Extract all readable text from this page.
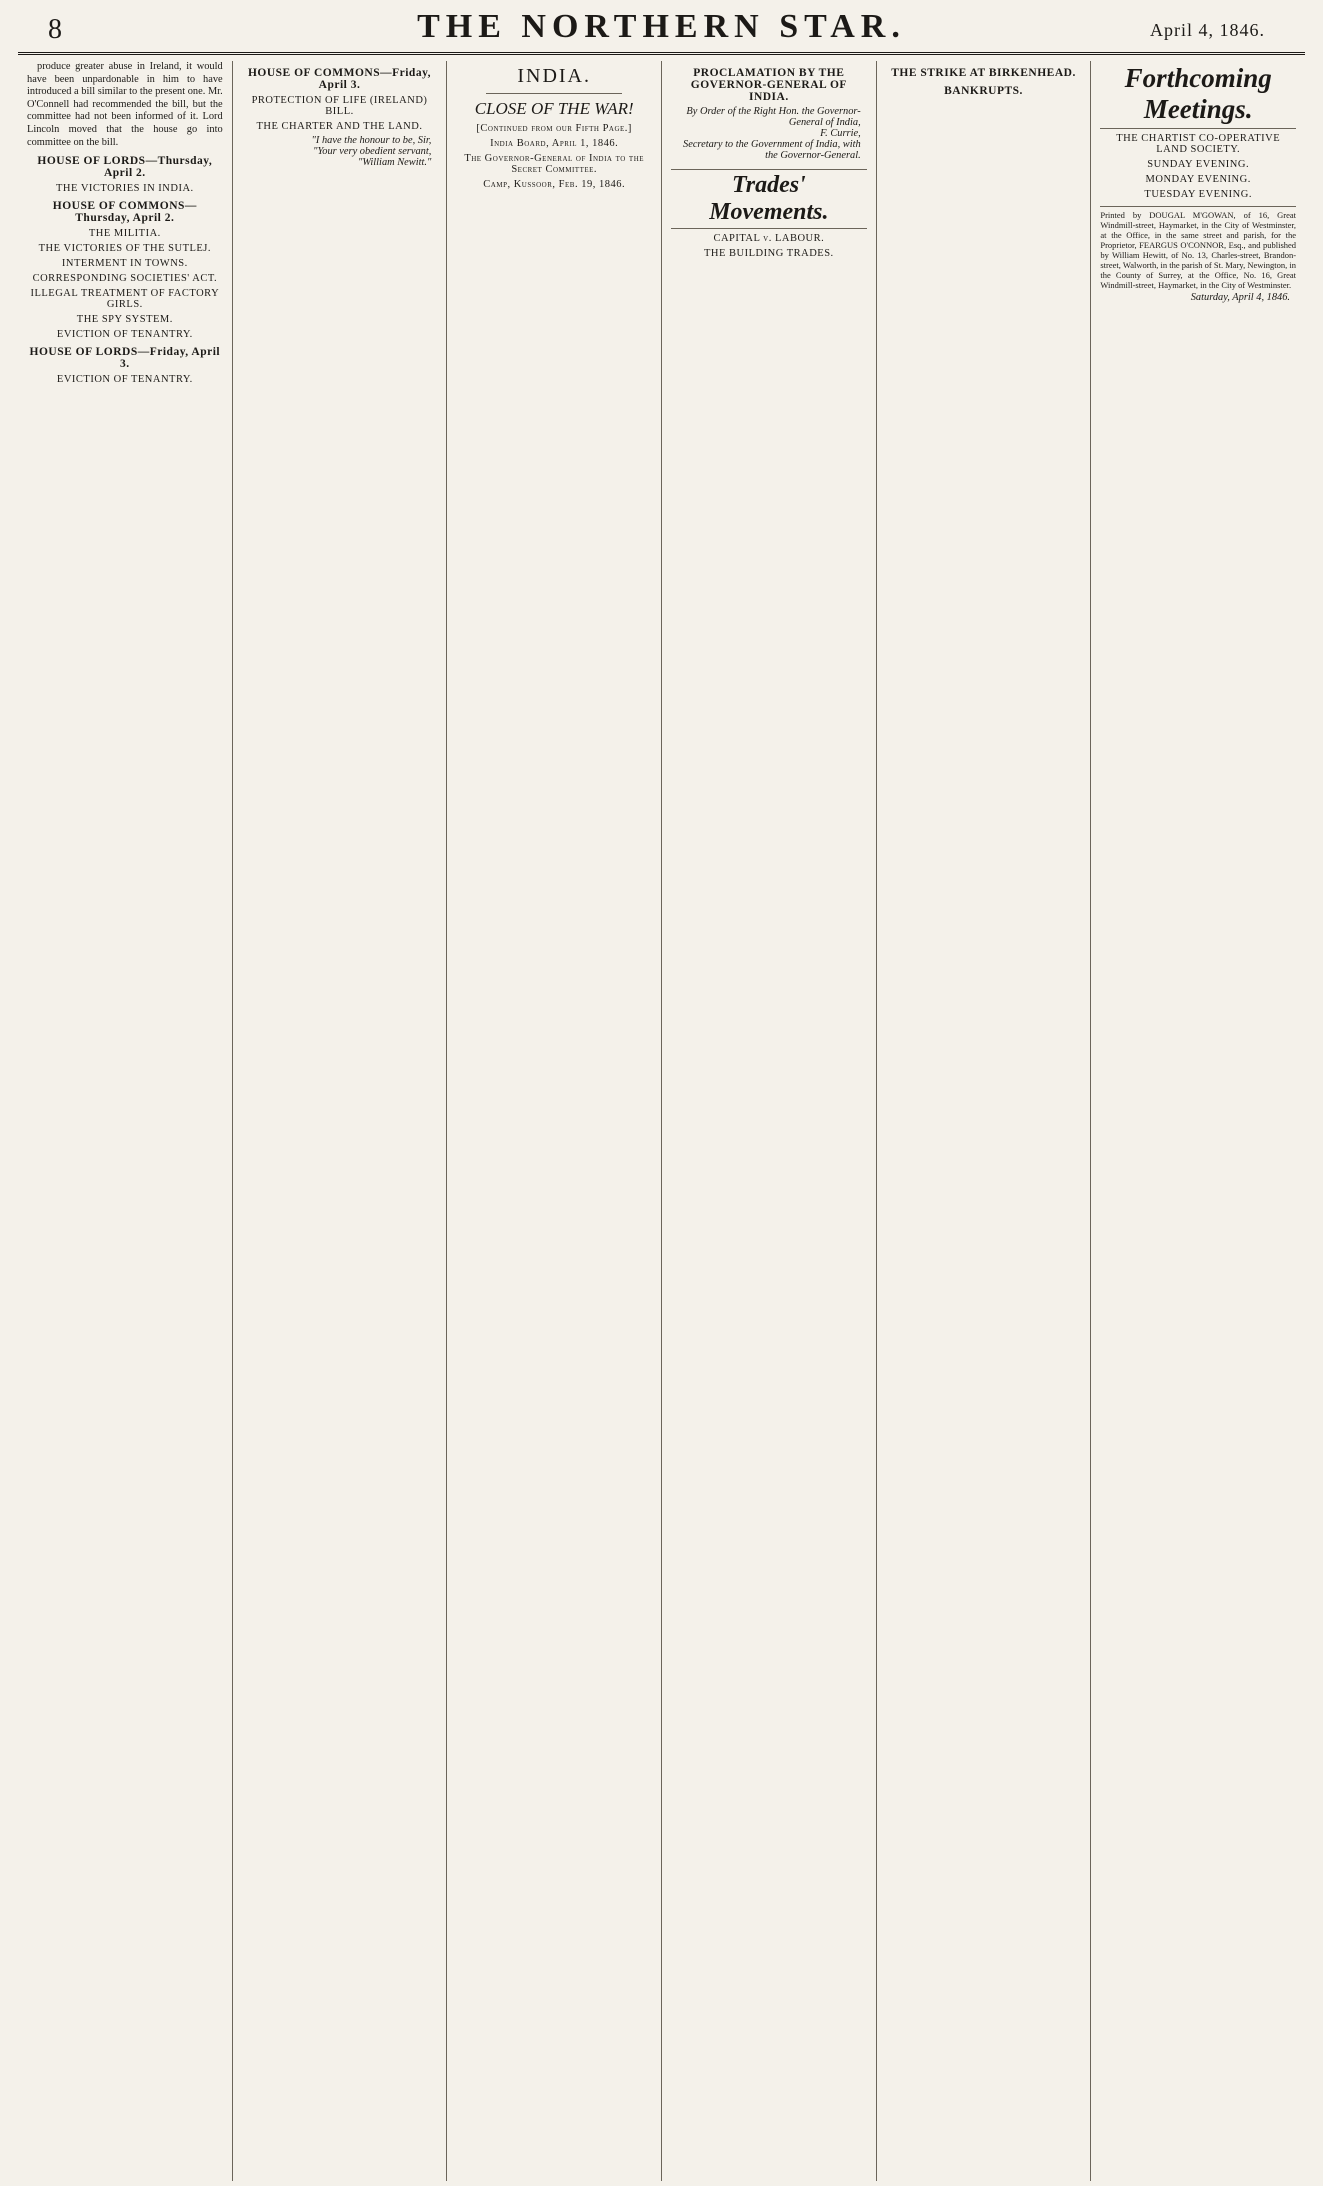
8	THE NORTHERN STAR.	April 4, 1846.

produce greater abuse in Ireland, it would have been unpardonable in him to have introduced a bill similar to the present one. Mr. O'Connell had recommended the bill, but the committee had not been informed of it. Lord Lincoln moved that the house go into committee on the bill.

HOUSE OF LORDS—Thursday, April 2.
THE VICTORIES IN INDIA.
HOUSE OF COMMONS—Thursday, April 2.
THE MILITIA.
THE VICTORIES OF THE SUTLEJ.
INTERMENT IN TOWNS.
CORRESPONDING SOCIETIES' ACT.
ILLEGAL TREATMENT OF FACTORY GIRLS.
THE SPY SYSTEM.
EVICTION OF TENANTRY.
HOUSE OF LORDS—Friday, April 3.
EVICTION OF TENANTRY.
HOUSE OF COMMONS—Friday, April 3.
PROTECTION OF LIFE (IRELAND) BILL.
THE CHARTER AND THE LAND.
"I have the honour to be, Sir,
"Your very obedient servant,
"William Newitt."
INDIA.
CLOSE OF THE WAR!
[Continued from our Fifth Page.]
India Board, April 1, 1846.
The Governor-General of India to the Secret Committee.
Camp, Kussoor, Feb. 19, 1846.
PROCLAMATION BY THE GOVERNOR-GENERAL OF INDIA.
By Order of the Right Hon. the Governor-General of India,
F. Currie,
Secretary to the Government of India, with the Governor-General.
Trades' Movements.
CAPITAL v. LABOUR.
THE BUILDING TRADES.
THE STRIKE AT BIRKENHEAD.
BANKRUPTS.	Forthcoming Meetings.
THE CHARTIST CO-OPERATIVE LAND SOCIETY.
SUNDAY EVENING.
MONDAY EVENING.
TUESDAY EVENING.
Printed by DOUGAL M'GOWAN, of 16, Great Windmill-street, Haymarket, in the City of Westminster, at the Office, in the same street and parish, for the Proprietor, FEARGUS O'CONNOR, Esq., and published by William Hewitt, of No. 13, Charles-street, Brandon-street, Walworth, in the parish of St. Mary, Newington, in the County of Surrey, at the Office, No. 16, Great Windmill-street, Haymarket, in the City of Westminster.
Saturday, April 4, 1846.
